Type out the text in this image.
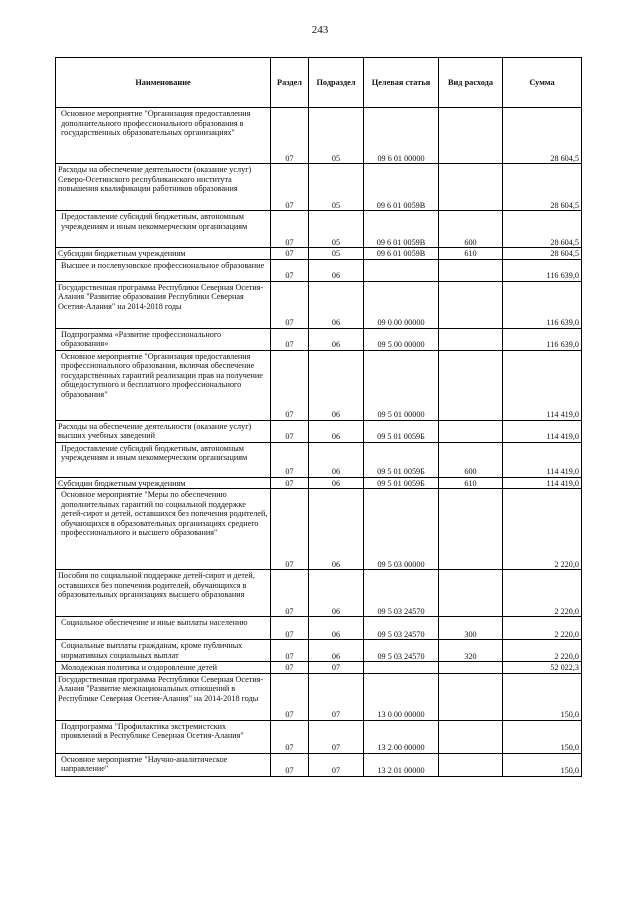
243
Наименование	Раздел	Подраздел	Целевая статья	Вид расхода	Сумма
Основное мероприятие "Организация предоставления дополнительного профессионального образования в государственных образовательных организациях"	07	05	09 6 01 00000		28 604,5
Расходы на обеспечение деятельности (оказание услуг) Северо-Осетинского республиканского института повышения квалификации работников образования	07	05	09 6 01 0059В		28 604,5
Предоставление субсидий бюджетным, автономным учреждениям и иным некоммерческим организациям	07	05	09 6 01 0059В	600	28 604,5
Субсидии бюджетным учреждениям	07	05	09 6 01 0059В	610	28 604,5
Высшее и послевузовское профессиональное образование	07	06			116 639,0
Государственная программа Республики Северная Осетия-Алания "Развитие образования Республики Северная Осетия-Алания" на 2014-2018 годы	07	06	09 0 00 00000		116 639,0
Подпрограмма «Развитие профессионального образования»	07	06	09 5 00 00000		116 639,0
Основное мероприятие "Организация предоставления профессионального образования, включая обеспечение государственных гарантий реализации прав на получение общедоступного и бесплатного профессионального образования"	07	06	09 5 01 00000		114 419,0
Расходы на обеспечение деятельности (оказание услуг) высших учебных заведений	07	06	09 5 01 0059Б		114 419,0
Предоставление субсидий бюджетным, автономным учреждениям и иным некоммерческим организациям	07	06	09 5 01 0059Б	600	114 419,0
Субсидии бюджетным учреждениям	07	06	09 5 01 0059Б	610	114 419,0
Основное мероприятие "Меры по обеспечению дополнительных гарантий по социальной поддержке детей-сирот и детей, оставшихся без попечения родителей, обучающихся в образовательных организациях среднего профессионального и высшего образования"	07	06	09 5 03 00000		2 220,0
Пособия по социальной поддержке детей-сирот и детей, оставшихся без попечения родителей, обучающихся в образовательных организациях высшего образования	07	06	09 5 03 24570		2 220,0
Социальное обеспечение и иные выплаты населению	07	06	09 5 03 24570	300	2 220,0
Социальные выплаты гражданам, кроме публичных нормативных социальных выплат	07	06	09 5 03 24570	320	2 220,0
Молодежная политика и оздоровление детей	07	07			52 022,3
Государственная программа Республики Северная Осетия-Алания "Развитие межнациональных отношений в Республике Северная Осетия-Алания" на 2014-2018 годы	07	07	13 0 00 00000		150,0
Подпрограмма "Профилактика экстремистских проявлений в Республике Северная Осетия-Алания"	07	07	13 2 00 00000		150,0
Основное мероприятие "Научно-аналитическое направление"	07	07	13 2 01 00000		150,0
